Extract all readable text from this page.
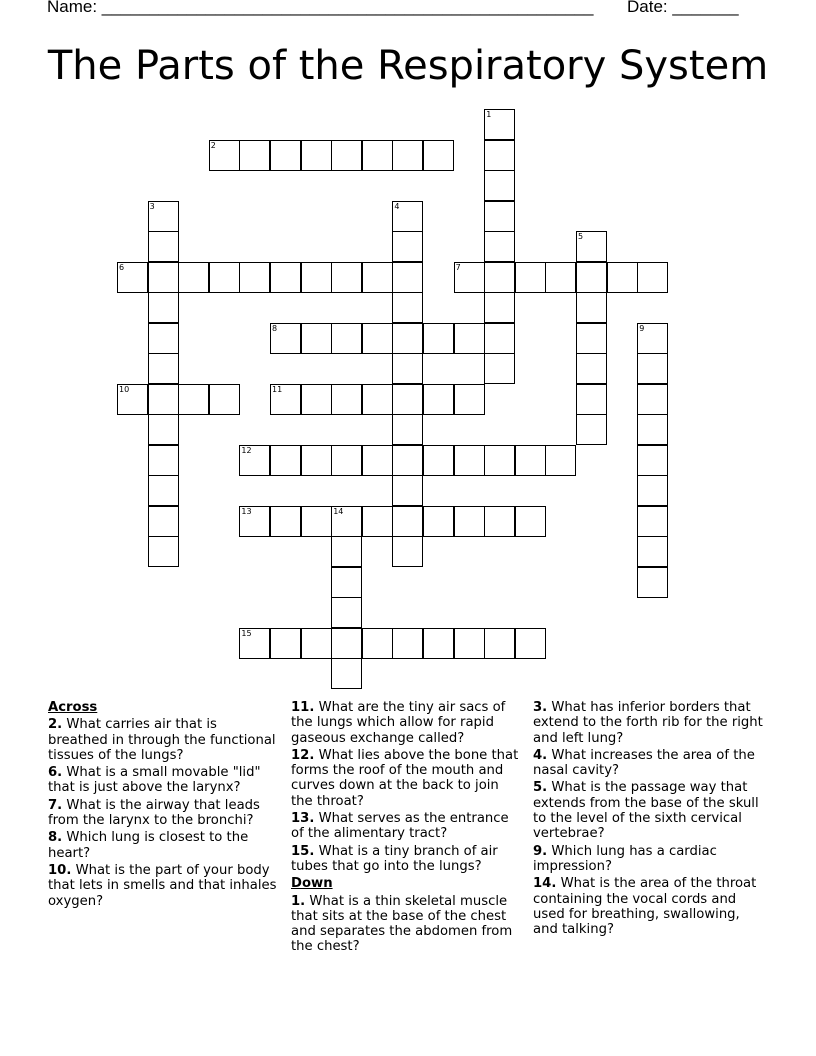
Name: ____________________________________________________ Date: _______
The Parts of the Respiratory System
1
2
3	4
5
6	7
8	9
10	11
12
13	14
15
Across
2. What carries air that is breathed in through the functional tissues of the lungs?
6. What is a small movable "lid" that is just above the larynx?
7. What is the airway that leads from the larynx to the bronchi?
8. Which lung is closest to the heart?
10. What is the part of your body that lets in smells and that inhales oxygen?
11. What are the tiny air sacs of the lungs which allow for rapid gaseous exchange called?
12. What lies above the bone that forms the roof of the mouth and curves down at the back to join the throat?
13. What serves as the entrance of the alimentary tract?
15. What is a tiny branch of air tubes that go into the lungs?
Down
1. What is a thin skeletal muscle that sits at the base of the chest and separates the abdomen from the chest?
3. What has inferior borders that extend to the forth rib for the right and left lung?
4. What increases the area of the nasal cavity?
5. What is the passage way that extends from the base of the skull to the level of the sixth cervical vertebrae?
9. Which lung has a cardiac impression?
14. What is the area of the throat containing the vocal cords and used for breathing, swallowing, and talking?
